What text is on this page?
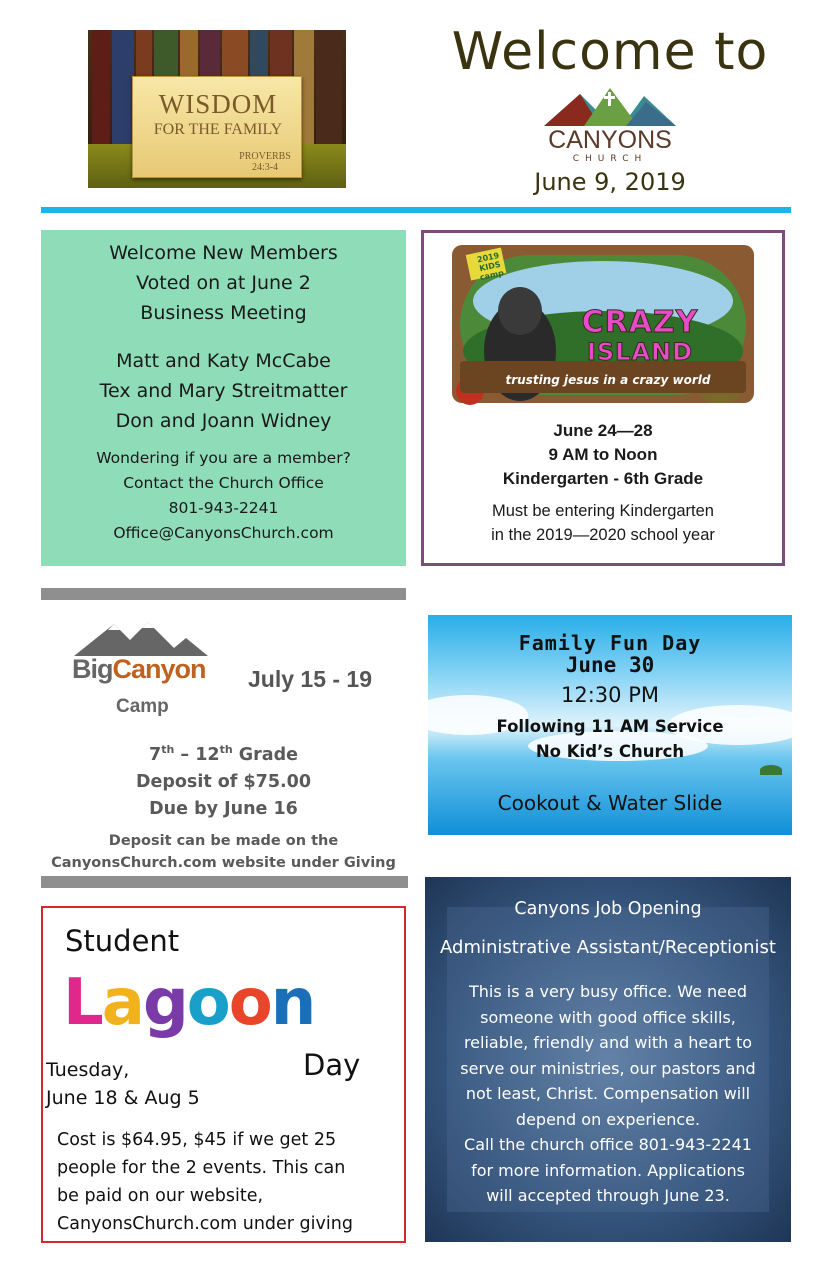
WISDOM
FOR THE FAMILY
PROVERBS 24:3-4
Welcome to
CANYONS
CHURCH
June 9, 2019
Welcome New Members
Voted on at June 2
Business Meeting
Matt and Katy McCabe
Tex and Mary Streitmatter
Don and Joann Widney
Wondering if you are a member?
Contact the Church Office
801-943-2241
Office@CanyonsChurch.com
2019 KIDS camp
CRAZY
ISLAND
trusting jesus in a crazy world
June 24—28
9 AM to Noon
Kindergarten - 6th Grade
Must be entering Kindergarten
in the 2019—2020 school year
BigCanyon
Camp
July 15 - 19
7th – 12th Grade
Deposit of $75.00
Due by June 16
Deposit can be made on the
CanyonsChurch.com website under Giving
Family Fun Day
June 30
12:30 PM
Following 11 AM Service
No Kid’s Church
Cookout & Water Slide
Student
Lagoon
Day
Tuesday,
June 18 & Aug 5
Cost is $64.95, $45 if we get 25
people for the 2 events. This can
be paid on our website,
CanyonsChurch.com under giving
Canyons Job Opening
Administrative Assistant/Receptionist
This is a very busy office. We need
someone with good office skills,
reliable, friendly and with a heart to
serve our ministries, our pastors and
not least, Christ. Compensation will
depend on experience.
Call the church office 801-943-2241
for more information. Applications
will accepted through June 23.
